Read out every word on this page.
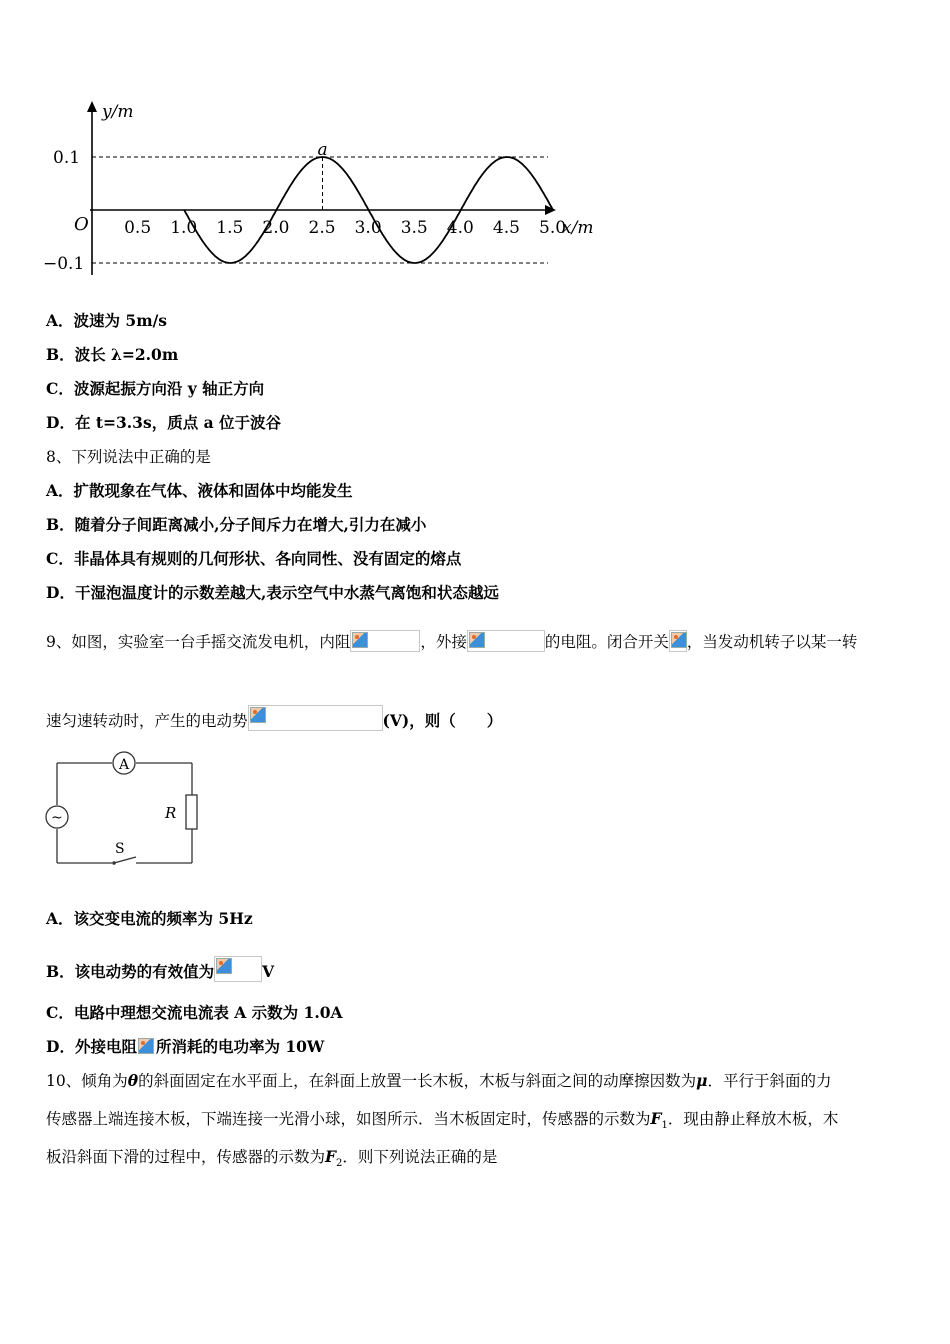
y/m
x/m
O 0.5 1.0 1.5 2.0 2.5 3.0 3.5 4.0 4.5 5.0
0.1
−0.1
a
A．波速为 5m/s
B．波长 λ=2.0m
C．波源起振方向沿 y 轴正方向
D．在 t=3.3s，质点 a 位于波谷
8、下列说法中正确的是
A．扩散现象在气体、液体和固体中均能发生
B．随着分子间距离减小,分子间斥力在增大,引力在减小
C．非晶体具有规则的几何形状、各向同性、没有固定的熔点
D．干湿泡温度计的示数差越大,表示空气中水蒸气离饱和状态越远
9、如图，实验室一台手摇交流发电机，内阻	，外接	的电阻。闭合开关 ，当发动机转子以某一转
速匀速转动时，产生的电动势	(V)，则（　　）
A
~	R
S
A．该交变电流的频率为 5Hz
B．该电动势的有效值为	V
C．电路中理想交流电流表 A 示数为 1.0A
D．外接电阻 所消耗的电功率为 10W
10、倾角为θ的斜面固定在水平面上，在斜面上放置一长木板，木板与斜面之间的动摩擦因数为μ．平行于斜面的力
传感器上端连接木板，下端连接一光滑小球，如图所示．当木板固定时，传感器的示数为$F_1$．现由静止释放木板，木
板沿斜面下滑的过程中，传感器的示数为$F_2$．则下列说法正确的是
